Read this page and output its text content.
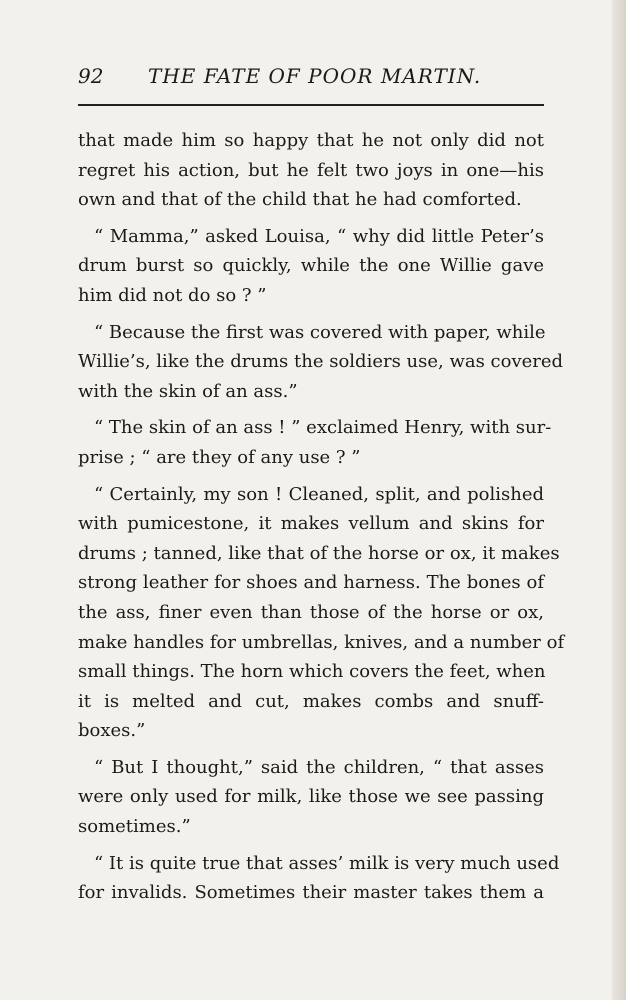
92 THE FATE OF POOR MARTIN.
that made him so happy that he not only did not
regret his action, but he felt two joys in one—his
own and that of the child that he had comforted.
“ Mamma,” asked Louisa, “ why did little Peter’s
drum burst so quickly, while the one Willie gave
him did not do so ? ”
“ Because the first was covered with paper, while
Willie’s, like the drums the soldiers use, was covered
with the skin of an ass.”
“ The skin of an ass ! ” exclaimed Henry, with sur-
prise ; “ are they of any use ? ”
“ Certainly, my son ! Cleaned, split, and polished
with pumicestone, it makes vellum and skins for
drums ; tanned, like that of the horse or ox, it makes
strong leather for shoes and harness. The bones of
the ass, finer even than those of the horse or ox,
make handles for umbrellas, knives, and a number of
small things. The horn which covers the feet, when
it is melted and cut, makes combs and snuff-
boxes.”
“ But I thought,” said the children, “ that asses
were only used for milk, like those we see passing
sometimes.”
“ It is quite true that asses’ milk is very much used
for invalids. Sometimes their master takes them a
